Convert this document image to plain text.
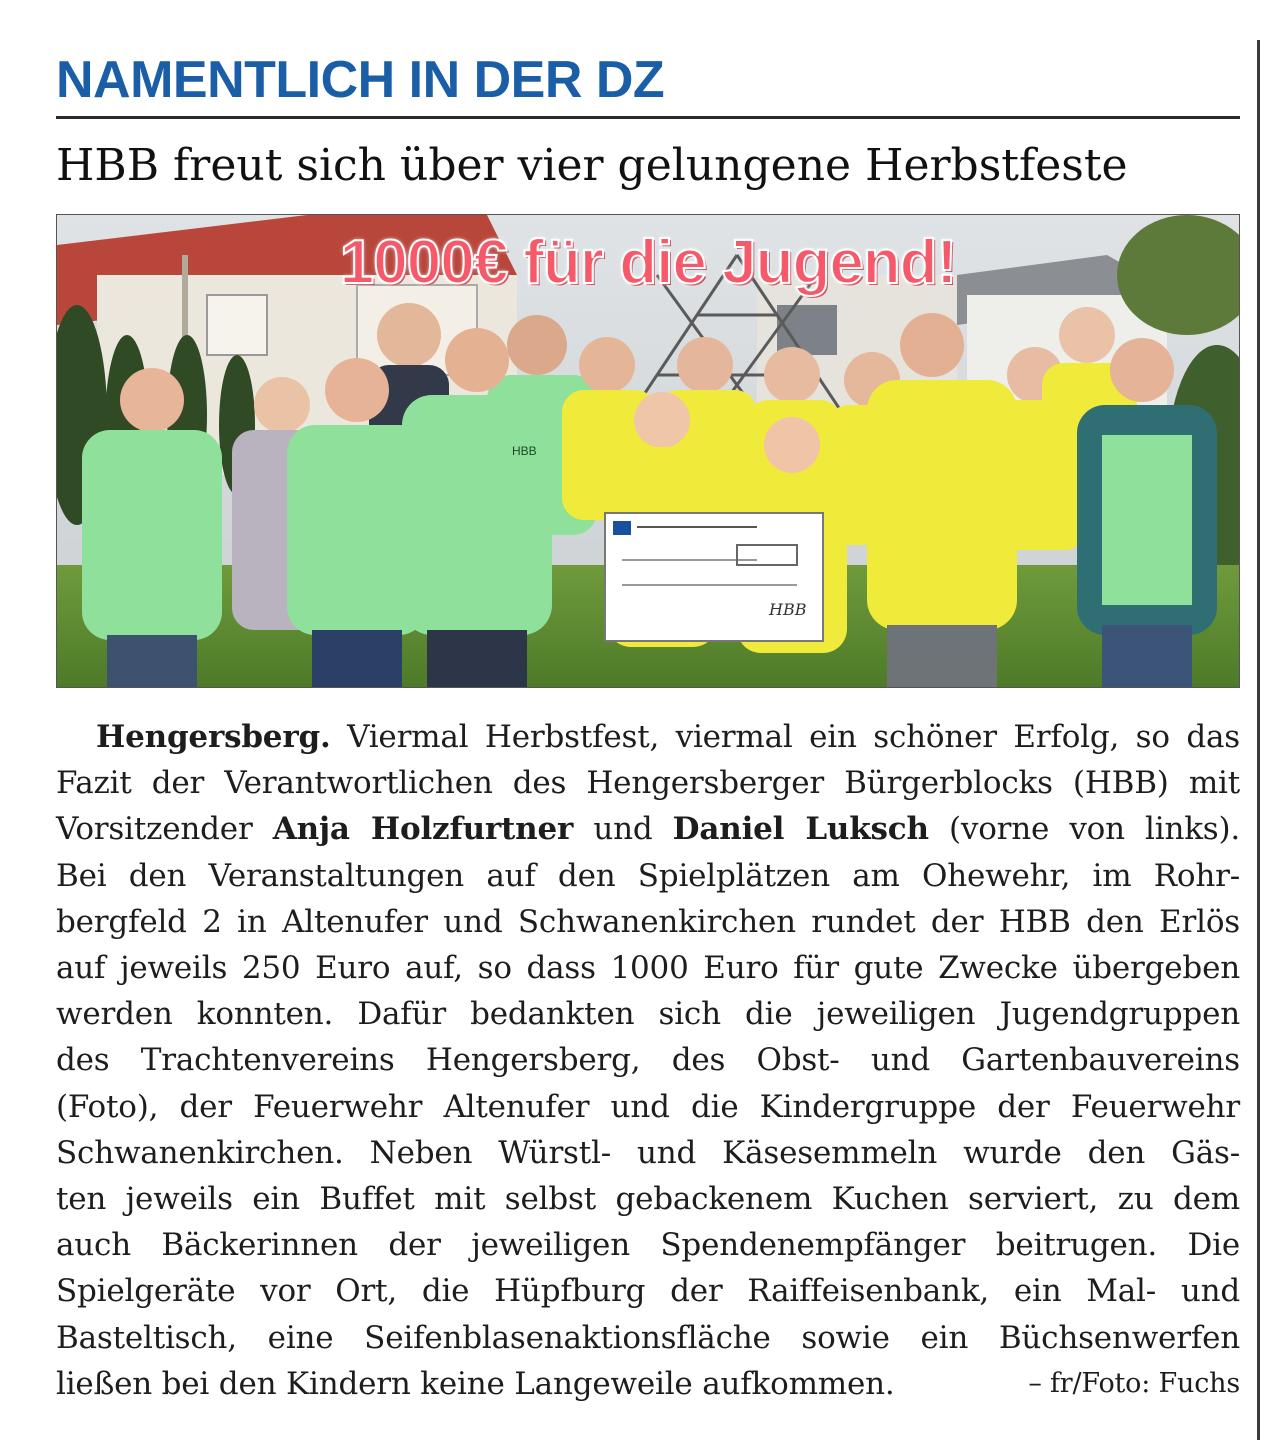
NAMENTLICH IN DER DZ
HBB freut sich über vier gelungene Herbstfeste
HBB
HBB
1000€ für die Jugend!
Hengersberg. Viermal Herbstfest, viermal ein schöner Erfolg, so das
Fazit der Verantwortlichen des Hengersberger Bürgerblocks (HBB) mit
Vorsitzender Anja Holzfurtner und Daniel Luksch (vorne von links).
Bei den Veranstaltungen auf den Spielplätzen am Ohewehr, im Rohr-
bergfeld 2 in Altenufer und Schwanenkirchen rundet der HBB den Erlös
auf jeweils 250 Euro auf, so dass 1000 Euro für gute Zwecke übergeben
werden konnten. Dafür bedankten sich die jeweiligen Jugendgruppen
des Trachtenvereins Hengersberg, des Obst- und Gartenbauvereins
(Foto), der Feuerwehr Altenufer und die Kindergruppe der Feuerwehr
Schwanenkirchen. Neben Würstl- und Käsesemmeln wurde den Gäs-
ten jeweils ein Buffet mit selbst gebackenem Kuchen serviert, zu dem
auch Bäckerinnen der jeweiligen Spendenempfänger beitrugen. Die
Spielgeräte vor Ort, die Hüpfburg der Raiffeisenbank, ein Mal- und
Basteltisch, eine Seifenblasenaktionsfläche sowie ein Büchsenwerfen
ließen bei den Kindern keine Langeweile aufkommen.	– fr/Foto: Fuchs
